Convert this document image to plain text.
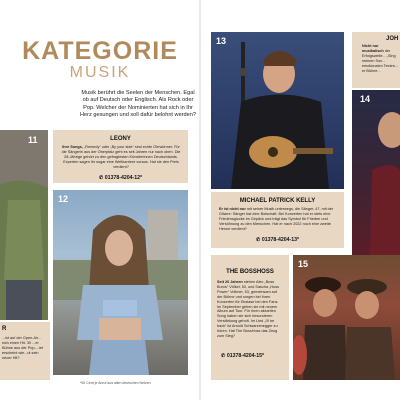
KATEGORIE
MUSIK
Musik berührt die Seelen der Menschen. Egal ob auf Deutsch oder Englisch. Als Rock oder Pop. Welcher der Nominierten hat sich in Ihr Herz gesungen und soll dafür belohnt werden?
11
R
...ist auf der Open-Air... sich einen Hit. 30 ...er Bühne aus der Pop-...iet erscheint wie...ut sein neuer Hit?
LEONY
Ihre Songs, „Remedy“ oder „By your side“ sind echte Ohrwürmer. Für die Sängerin aus der Oberpfalz geht es seit Jahren nur nach oben. Die 28-Jährige gehört zu den gefragtesten Künstlerinnen Deutschlands. Experten sagen ihr sogar eine Weltkarriere voraus. Hat sie den Preis verdient?
✆ 01378-4204-12*
12
13
MICHAEL PATRICK KELLY
Er ist nicht nur mit seiner Musik unterwegs, die Sänger, 47, mit der Gitarre: Sänger hat eine Botschaft. Bei Konzerten hat er stets eine Friedensglocke im Gepäck und trägt das Symbol für Frieden und Versöhnung zu den Menschen. Hat er nach 2022 noch eine zweite Henne verdient?
✆ 01378-4204-13*
JOH
Nicht nur musikalisch der Erfolgswelle... „Sing meinen Son... emotionalen Texten... er Bühne...
14
THE BOSSHOSS
Seit 20 Jahren stehen Alec „Boss Burns“ Völkel, 53, und Sascha „Hoss Power“ Vollmer, 53, gemeinsam auf der Bühne und sorgen bei ihren Konzerten für Ekstase bei den Fans. Im September gehen sie mit neuem Album auf Tour. Für ihren aktuellen Song haben sie sich besonderen Verstärkung geholt. Im Lied „I'll be back“ ist Arnold Schwarzenegger zu hören. Hat The BossHoss das Zeug zum Sieg?
✆ 01378-4204-15*
15
*50 Cent je Anruf aus allen deutschen Netzen
